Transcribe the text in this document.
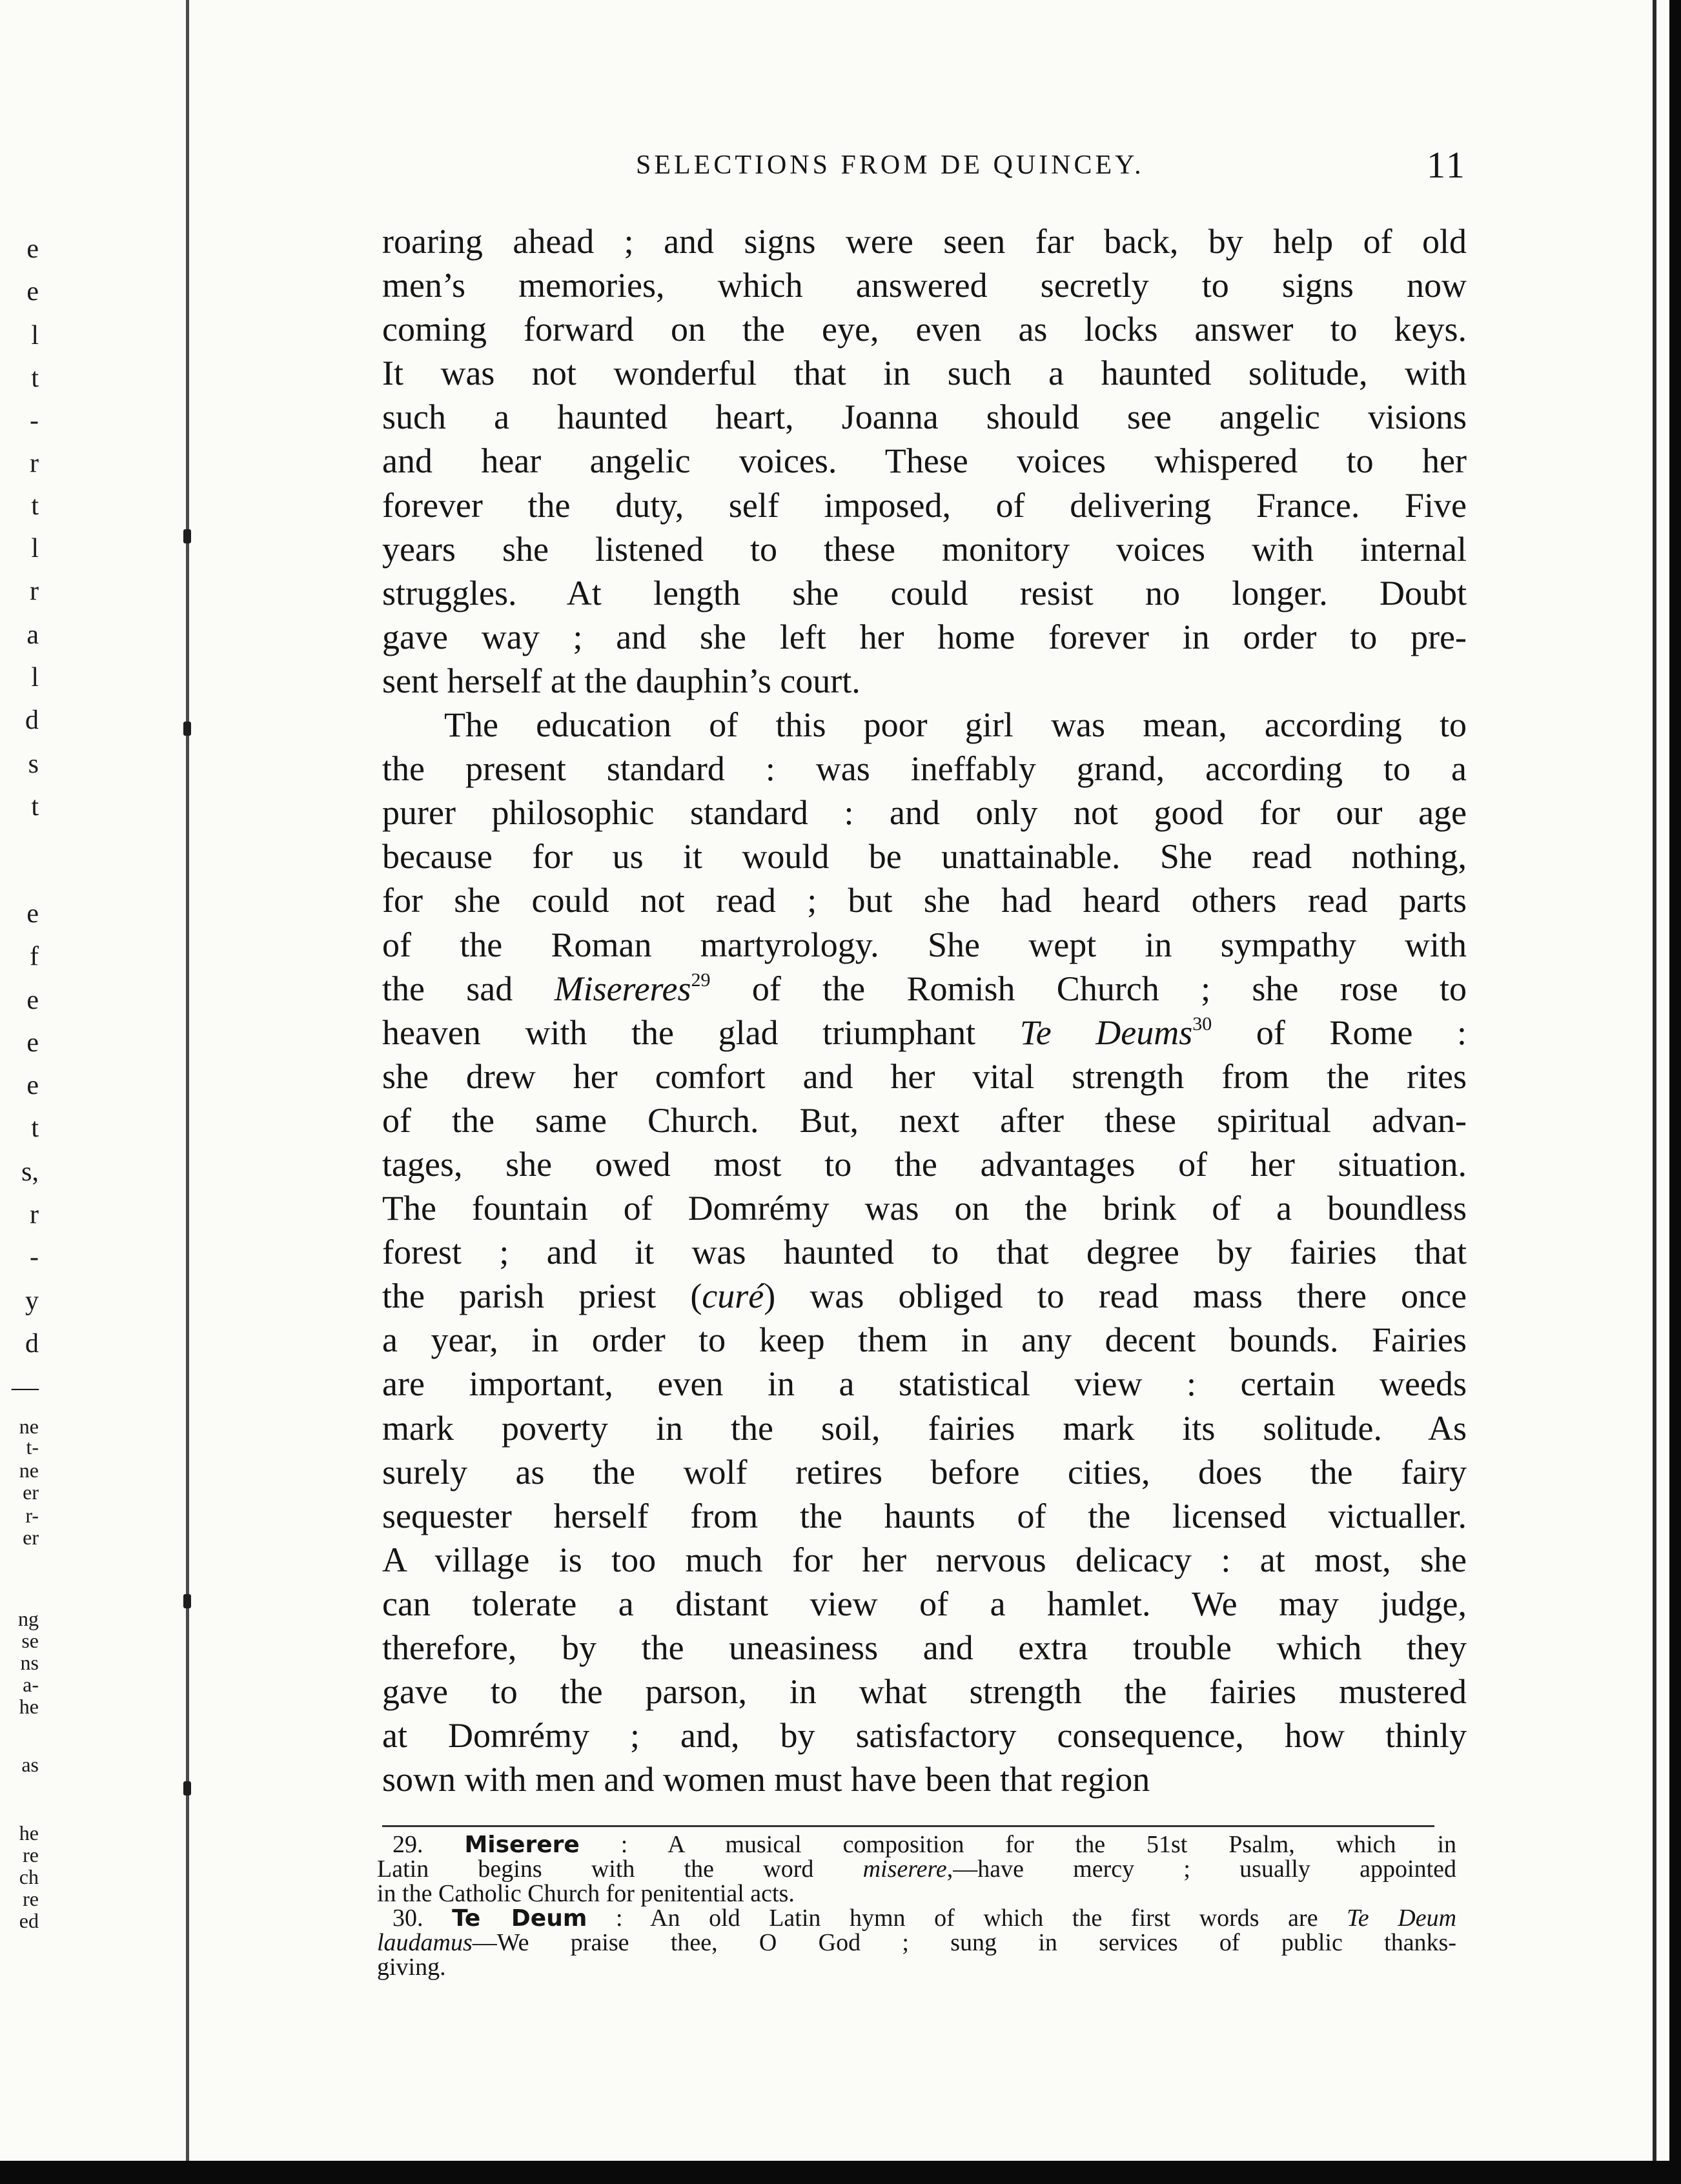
e
e
l
t
-
r
t
l
r
a
l
d
s
t
e
f
e
e
e
t
s,
r
-
y
d
—
ne
t-
ne
er
r-
er
ng
se
ns
a-
he
as
he
re
ch
re
ed
SELECTIONS FROM DE QUINCEY.	11
roaring ahead ; and signs were seen far back, by help of old
men’s memories, which answered secretly to signs now
coming forward on the eye, even as locks answer to keys.
It was not wonderful that in such a haunted solitude, with
such a haunted heart, Joanna should see angelic visions
and hear angelic voices. These voices whispered to her
forever the duty, self imposed, of delivering France. Five
years she listened to these monitory voices with internal
struggles. At length she could resist no longer. Doubt
gave way ; and she left her home forever in order to pre-
sent herself at the dauphin’s court.
The education of this poor girl was mean, according to
the present standard : was ineffably grand, according to a
purer philosophic standard : and only not good for our age
because for us it would be unattainable. She read nothing,
for she could not read ; but she had heard others read parts
of the Roman martyrology. She wept in sympathy with
the sad Misereres$^{29}$ of the Romish Church ; she rose to
heaven with the glad triumphant Te Deums$^{30}$ of Rome :
she drew her comfort and her vital strength from the rites
of the same Church. But, next after these spiritual advan-
tages, she owed most to the advantages of her situation.
The fountain of Domrémy was on the brink of a boundless
forest ; and it was haunted to that degree by fairies that
the parish priest (curé) was obliged to read mass there once
a year, in order to keep them in any decent bounds. Fairies
are important, even in a statistical view : certain weeds
mark poverty in the soil, fairies mark its solitude. As
surely as the wolf retires before cities, does the fairy
sequester herself from the haunts of the licensed victualler.
A village is too much for her nervous delicacy : at most, she
can tolerate a distant view of a hamlet. We may judge,
therefore, by the uneasiness and extra trouble which they
gave to the parson, in what strength the fairies mustered
at Domrémy ; and, by satisfactory consequence, how thinly
sown with men and women must have been that region
29. Miserere : A musical composition for the 51st Psalm, which in
Latin begins with the word miserere,—have mercy ; usually appointed
in the Catholic Church for penitential acts.
30. Te Deum : An old Latin hymn of which the first words are Te Deum
laudamus—We praise thee, O God ; sung in services of public thanks-
giving.
